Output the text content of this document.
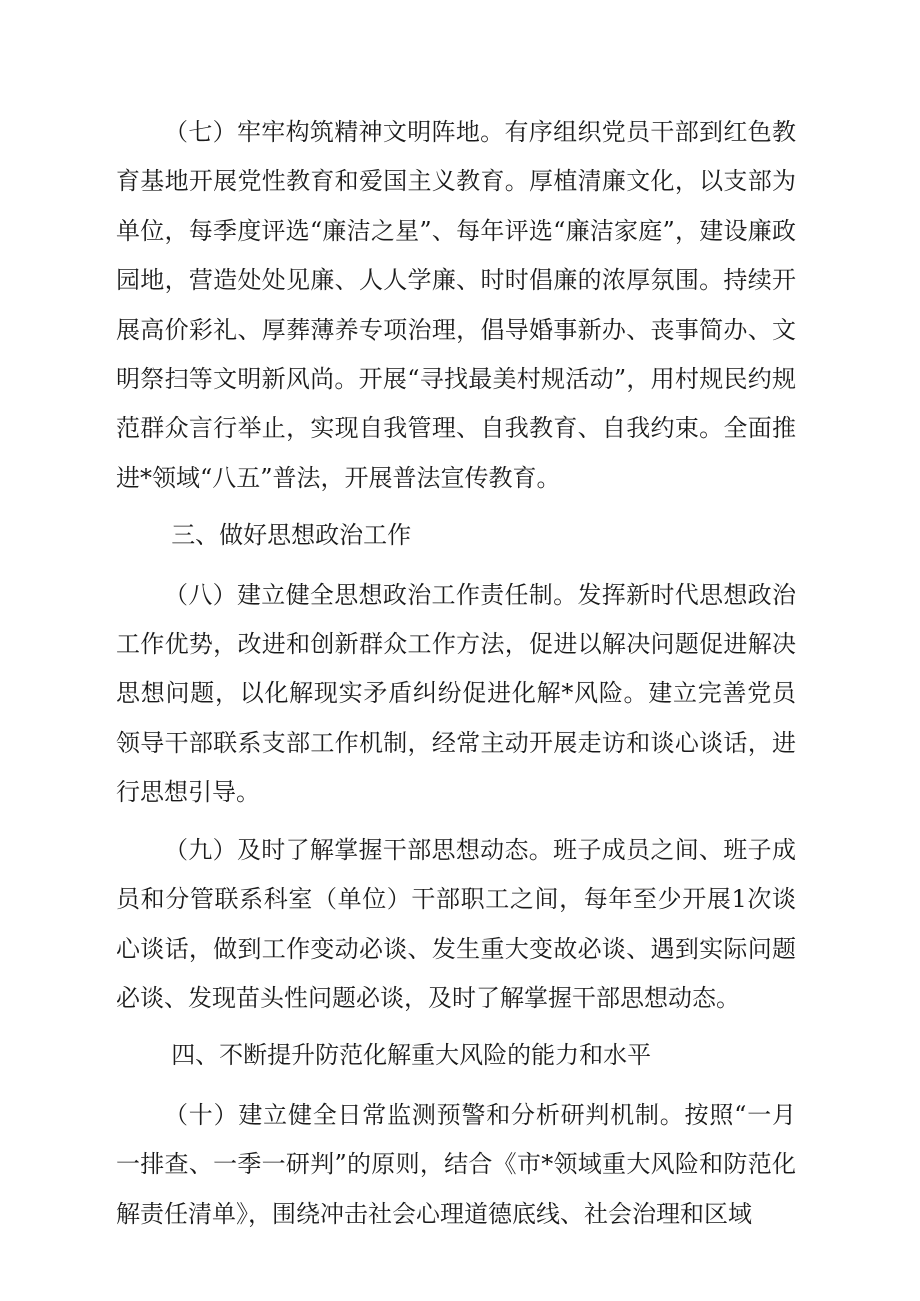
（七）牢牢构筑精神文明阵地。有序组织党员干部到红色教育基地开展党性教育和爱国主义教育。厚植清廉文化，以支部为单位，每季度评选“廉洁之星”、每年评选“廉洁家庭”，建设廉政园地，营造处处见廉、人人学廉、时时倡廉的浓厚氛围。持续开展高价彩礼、厚葬薄养专项治理，倡导婚事新办、丧事简办、文明祭扫等文明新风尚。开展“寻找最美村规活动”，用村规民约规范群众言行举止，实现自我管理、自我教育、自我约束。全面推进*领域“八五”普法，开展普法宣传教育。

三、做好思想政治工作

（八）建立健全思想政治工作责任制。发挥新时代思想政治工作优势，改进和创新群众工作方法，促进以解决问题促进解决思想问题，以化解现实矛盾纠纷促进化解*风险。建立完善党员领导干部联系支部工作机制，经常主动开展走访和谈心谈话，进行思想引导。

（九）及时了解掌握干部思想动态。班子成员之间、班子成员和分管联系科室（单位）干部职工之间，每年至少开展1次谈心谈话，做到工作变动必谈、发生重大变故必谈、遇到实际问题必谈、发现苗头性问题必谈，及时了解掌握干部思想动态。

四、不断提升防范化解重大风险的能力和水平

（十）建立健全日常监测预警和分析研判机制。按照“一月一排查、一季一研判”的原则，结合《市*领域重大风险和防范化解责任清单》，围绕冲击社会心理道德底线、社会治理和区域
